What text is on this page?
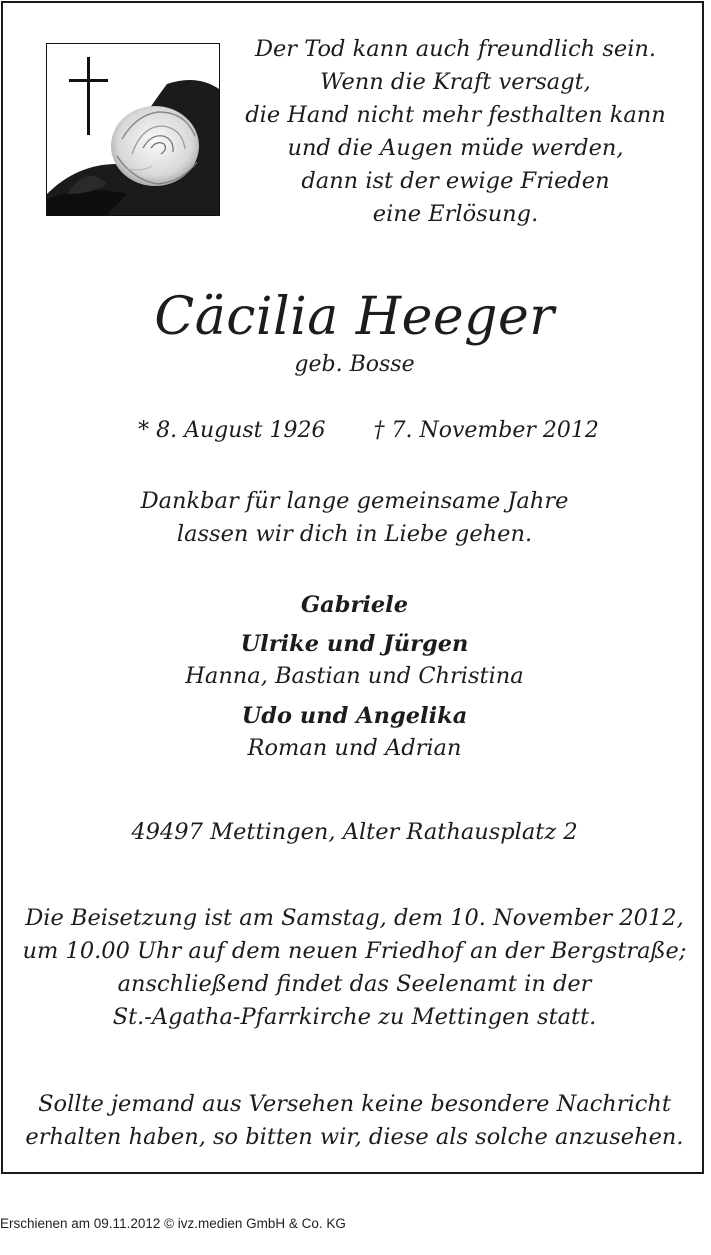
Der Tod kann auch freundlich sein.
Wenn die Kraft versagt,
die Hand nicht mehr festhalten kann
und die Augen müde werden,
dann ist der ewige Frieden
eine Erlösung.
Cäcilia Heeger
geb. Bosse

* 8. August 1926 † 7. November 2012

Dankbar für lange gemeinsame Jahre
lassen wir dich in Liebe gehen.
Gabriele
Ulrike und Jürgen
Hanna, Bastian und Christina
Udo und Angelika
Roman und Adrian
49497 Mettingen, Alter Rathausplatz 2
Die Beisetzung ist am Samstag, dem 10. November 2012,
um 10.00 Uhr auf dem neuen Friedhof an der Bergstraße;
anschließend findet das Seelenamt in der
St.-Agatha-Pfarrkirche zu Mettingen statt.
Sollte jemand aus Versehen keine besondere Nachricht
erhalten haben, so bitten wir, diese als solche anzusehen.
Erschienen am 09.11.2012 © ivz.medien GmbH & Co. KG
